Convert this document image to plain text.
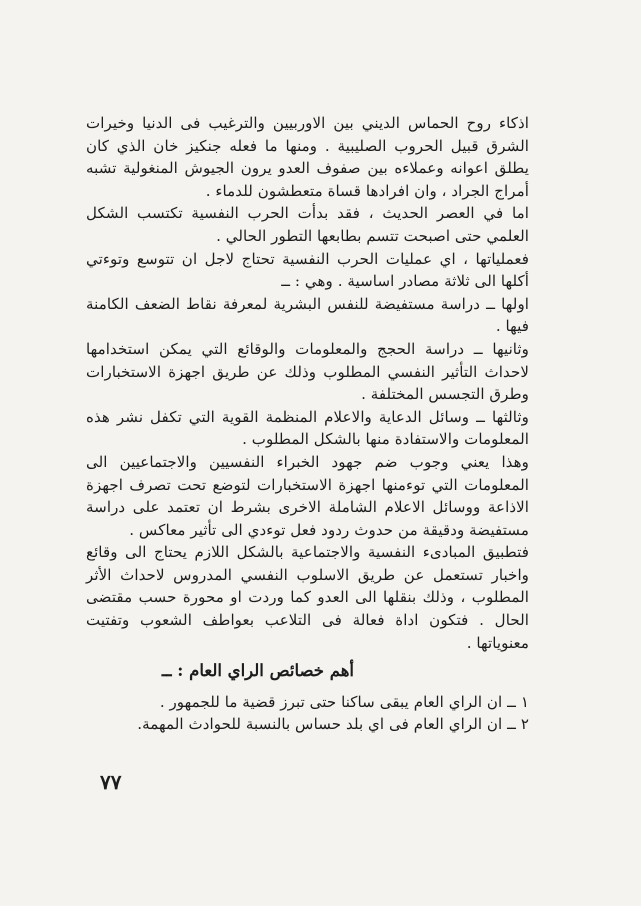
اذكاء روح الحماس الديني بين الاوربيين والترغيب فى الدنيا وخيرات الشرق قبيل الحروب الصليبية . ومنها ما فعله جنكيز خان الذي كان يطلق اعوانه وعملاءه بين صفوف العدو يرون الجيوش المنغولية تشبه أمراج الجراد ، وان افرادها قساة متعطشون للدماء .

اما في العصر الحديث ، فقد بدأت الحرب النفسية تكتسب الشكل العلمي حتى اصبحت تتسم بطابعها التطور الحالي .

فعملياتها ، اي عمليات الحرب النفسية تحتاج لاجل ان تتوسع وتوءتي أكلها الى ثلاثة مصادر اساسية . وهي : ــ

اولها ــ دراسة مستفيضة للنفس البشرية لمعرفة نقاط الضعف الكامنة فيها .

وثانيها ــ دراسة الحجج والمعلومات والوقائع التي يمكن استخدامها لاحداث التأثير النفسي المطلوب وذلك عن طريق اجهزة الاستخبارات وطرق التجسس المختلفة .

وثالثها ــ وسائل الدعاية والاعلام المنظمة القوية التي تكفل نشر هذه المعلومات والاستفادة منها بالشكل المطلوب .

وهذا يعني وجوب ضم جهود الخبراء النفسيين والاجتماعيين الى المعلومات التي توءمنها اجهزة الاستخبارات لتوضع تحت تصرف اجهزة الاذاعة ووسائل الاعلام الشاملة الاخرى بشرط ان تعتمد على دراسة مستفيضة ودقيقة من حدوث ردود فعل توءدي الى تأثير معاكس .

فتطبيق المبادىء النفسية والاجتماعية بالشكل اللازم يحتاج الى وقائع واخبار تستعمل عن طريق الاسلوب النفسي المدروس لاحداث الأثر المطلوب ، وذلك بنقلها الى العدو كما وردت او محورة حسب مقتضى الحال . فتكون اداة فعالة فى التلاعب بعواطف الشعوب وتفتيت معنوياتها .

أهم خصائص الراي العام : ــ

١ ــ ان الراي العام يبقى ساكنا حتى تبرز قضية ما للجمهور .

٢ ــ ان الراي العام فى اي بلد حساس بالنسبة للحوادث المهمة.

٧٧
